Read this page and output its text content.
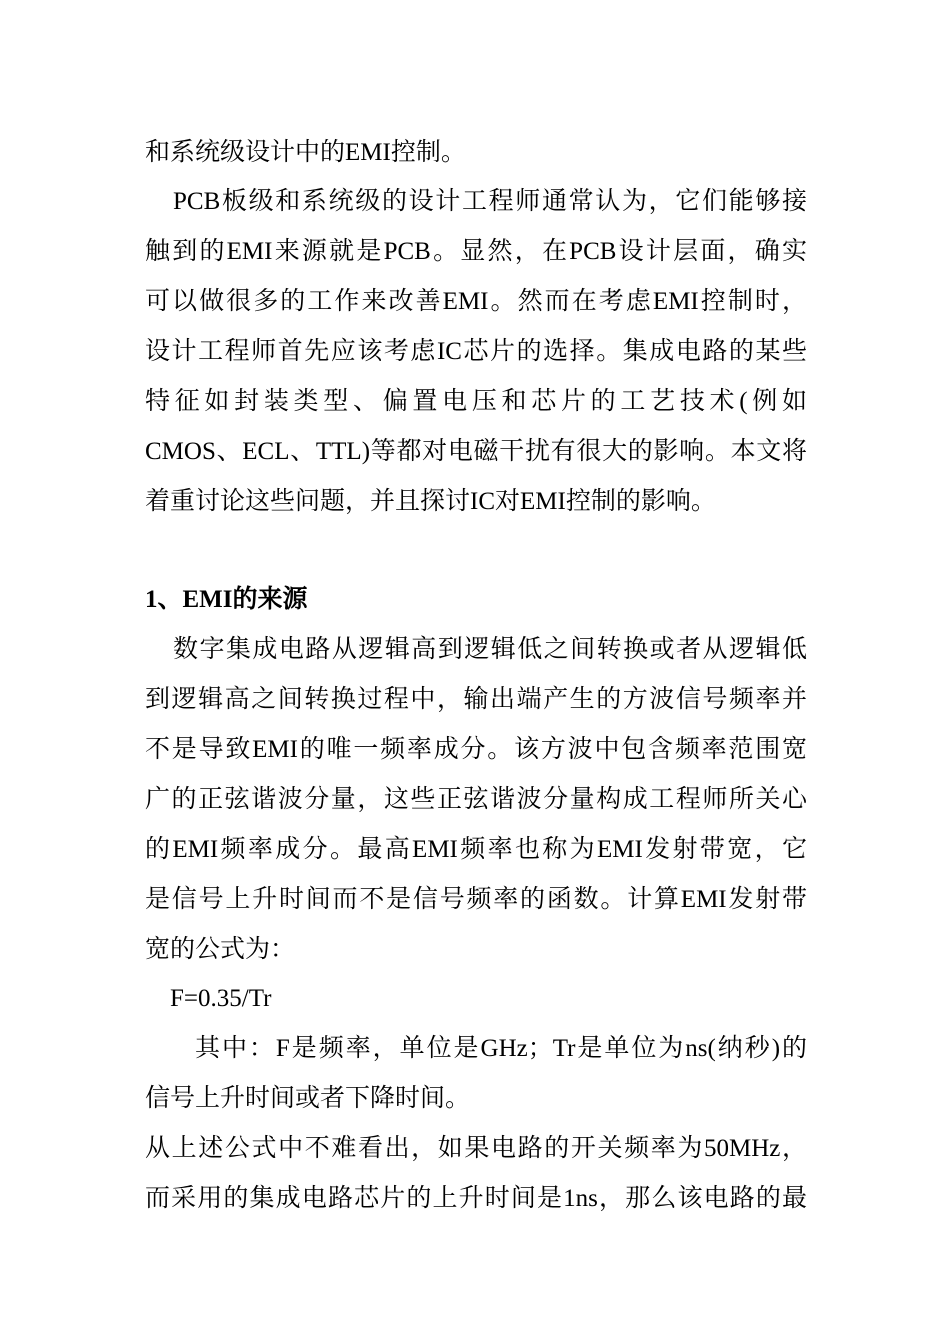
和系统级设计中的EMI控制。
PCB板级和系统级的设计工程师通常认为，它们能够接
触到的EMI来源就是PCB。显然，在PCB设计层面，确实
可以做很多的工作来改善EMI。然而在考虑EMI控制时，
设计工程师首先应该考虑IC芯片的选择。集成电路的某些
特征如封装类型、偏置电压和芯片的工艺技术(例如
CMOS、ECL、TTL)等都对电磁干扰有很大的影响。本文将
着重讨论这些问题，并且探讨IC对EMI控制的影响。
1、EMI的来源
数字集成电路从逻辑高到逻辑低之间转换或者从逻辑低
到逻辑高之间转换过程中，输出端产生的方波信号频率并
不是导致EMI的唯一频率成分。该方波中包含频率范围宽
广的正弦谐波分量，这些正弦谐波分量构成工程师所关心
的EMI频率成分。最高EMI频率也称为EMI发射带宽，它
是信号上升时间而不是信号频率的函数。计算EMI发射带
宽的公式为：
F=0.35/Tr
其中：F是频率，单位是GHz；Tr是单位为ns(纳秒)的
信号上升时间或者下降时间。
从上述公式中不难看出，如果电路的开关频率为50MHz，
而采用的集成电路芯片的上升时间是1ns，那么该电路的最
